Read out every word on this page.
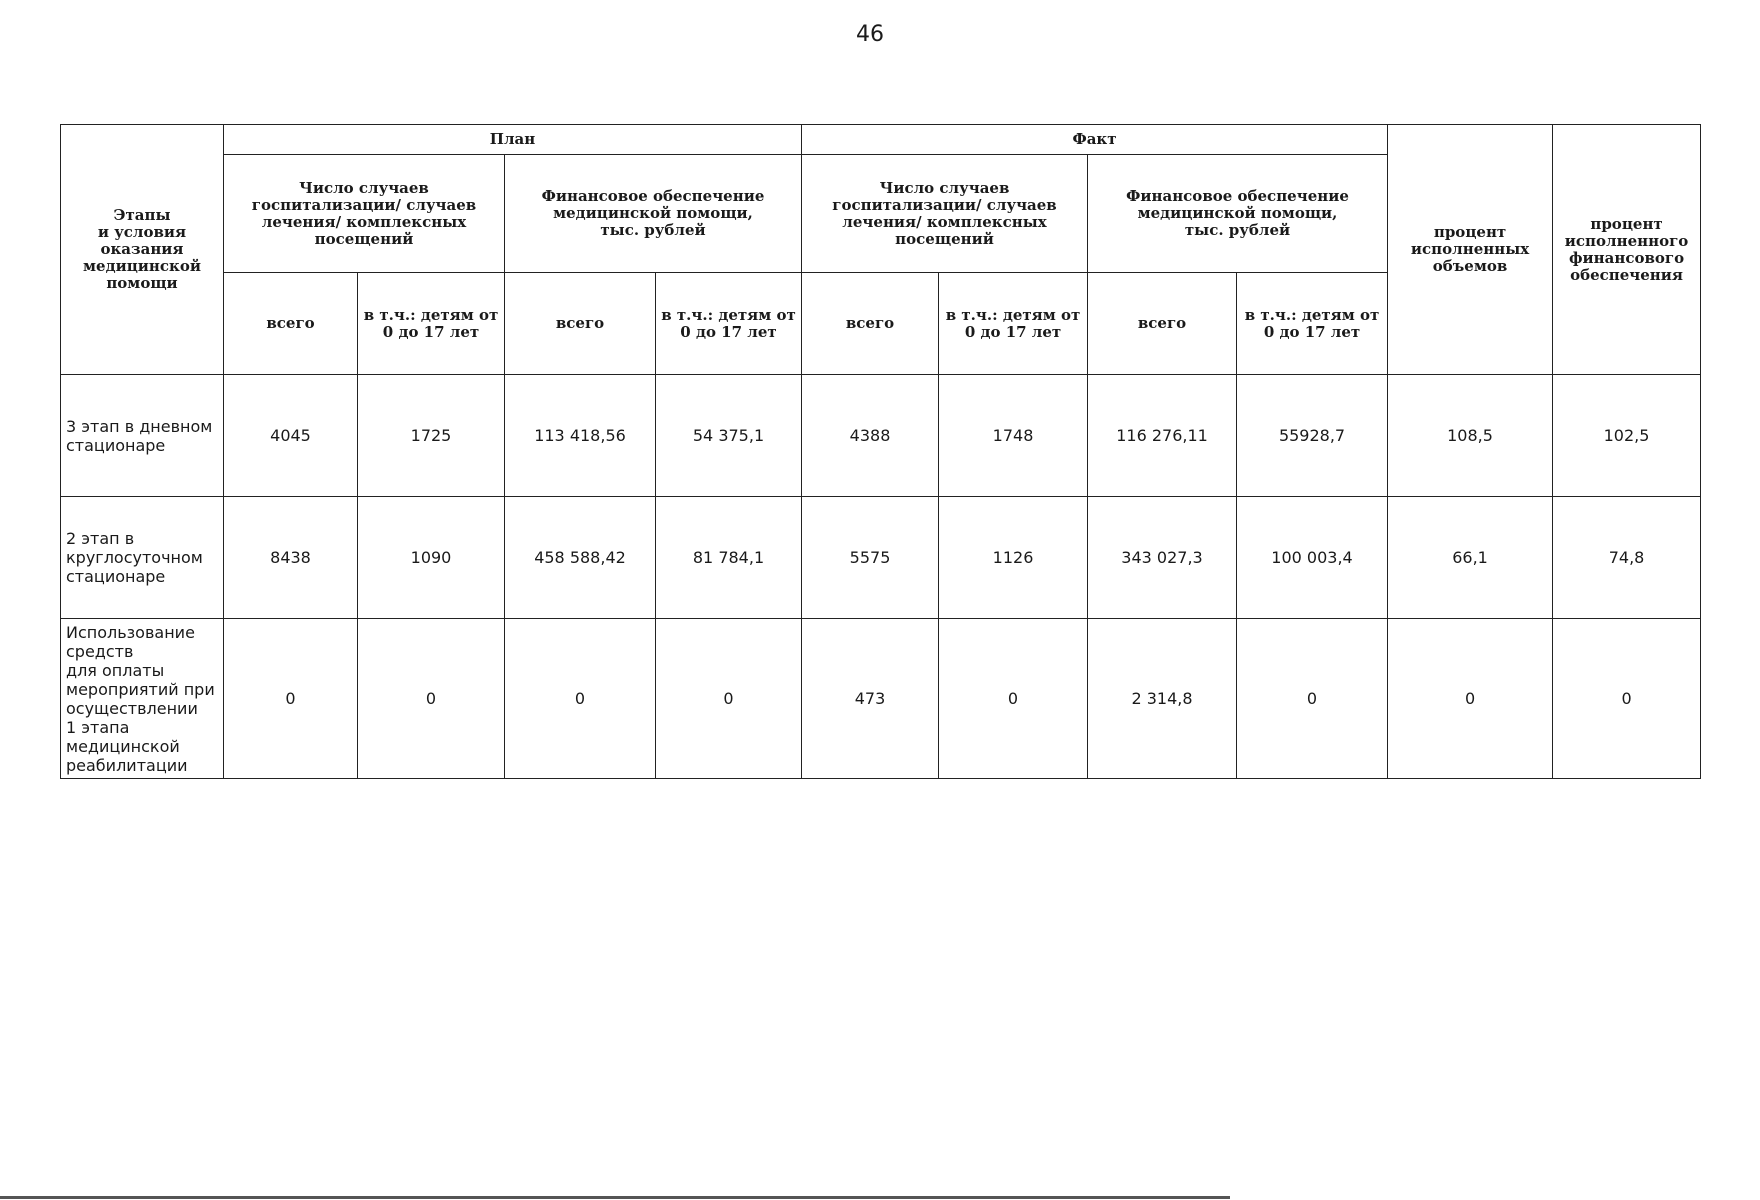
46
Этапы
и условия
оказания
медицинской
помощи	План				Факт				процент исполненных объемов	процент исполненного финансового обеспечения
	Число случаев госпитализации/ случаев лечения/ комплексных посещений		Финансовое обеспечение медицинской помощи,
тыс. рублей		Число случаев госпитализации/ случаев лечения/ комплексных посещений		Финансовое обеспечение медицинской помощи,
тыс. рублей			
	всего	в т.ч.: детям от 0 до 17 лет	всего	в т.ч.: детям от 0 до 17 лет	всего	в т.ч.: детям от 0 до 17 лет	всего	в т.ч.: детям от 0 до 17 лет		
3 этап в дневном стационаре	4045	1725	113 418,56	54 375,1	4388	1748	116 276,11	55928,7	108,5	102,5
2 этап в круглосуточном стационаре	8438	1090	458 588,42	81 784,1	5575	1126	343 027,3	100 003,4	66,1	74,8
Использование средств
для оплаты мероприятий при осуществлении
1 этапа медицинской реабилитации	0	0	0	0	473	0	2 314,8	0	0	0
